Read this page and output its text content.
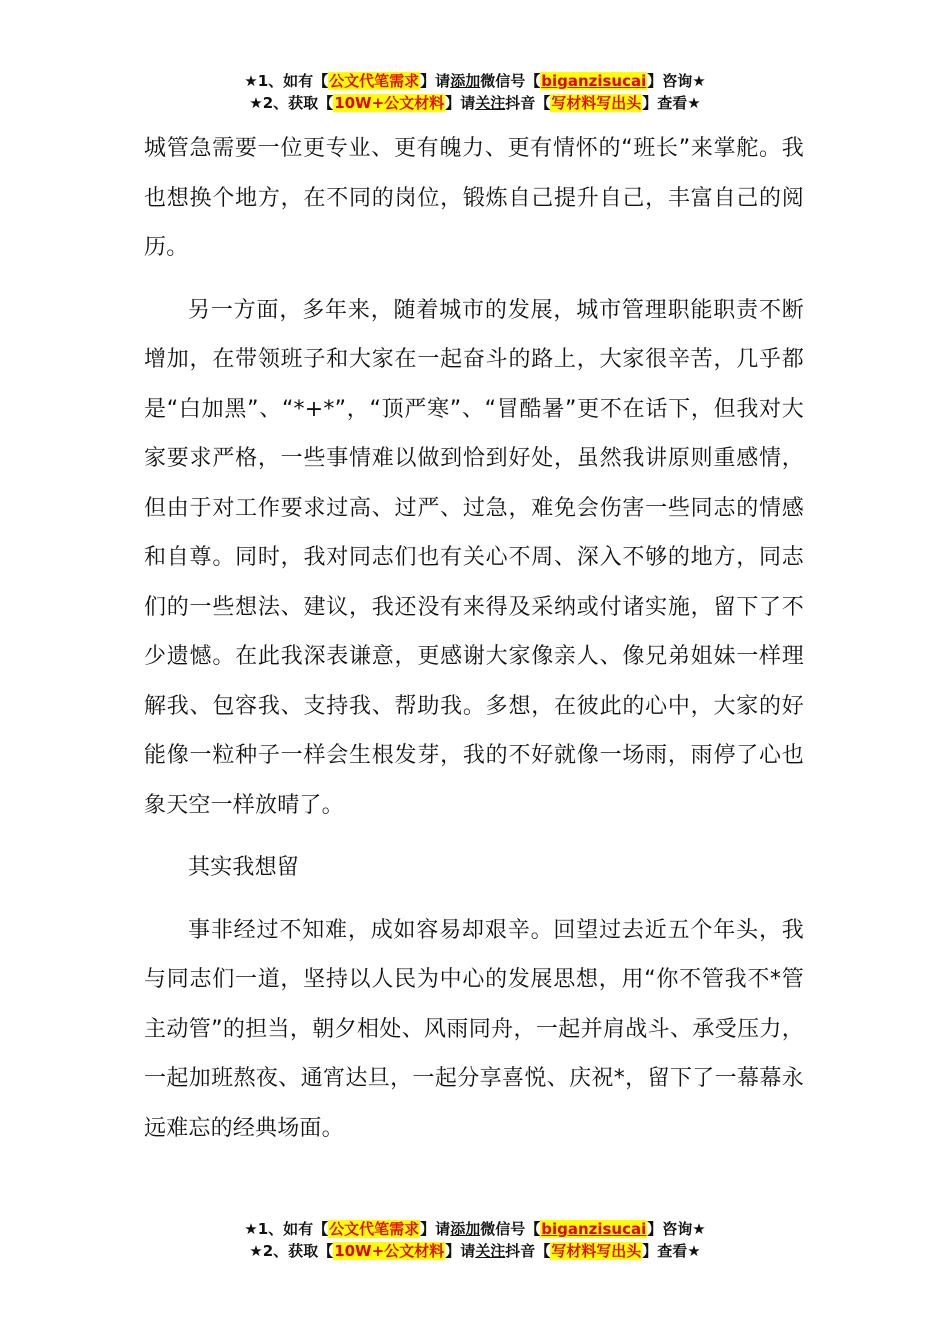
★1、如有【公文代笔需求】请添加微信号【biganzisucai】咨询★
★2、获取【10W+公文材料】请关注抖音【写材料写出头】查看★

城管急需要一位更专业、更有魄力、更有情怀的“班长”来掌舵。我也想换个地方，在不同的岗位，锻炼自己提升自己，丰富自己的阅历。

另一方面，多年来，随着城市的发展，城市管理职能职责不断增加，在带领班子和大家在一起奋斗的路上，大家很辛苦，几乎都是“白加黑”、“*+*”，“顶严寒”、“冒酷暑”更不在话下，但我对大家要求严格，一些事情难以做到恰到好处，虽然我讲原则重感情，但由于对工作要求过高、过严、过急，难免会伤害一些同志的情感和自尊。同时，我对同志们也有关心不周、深入不够的地方，同志们的一些想法、建议，我还没有来得及采纳或付诸实施，留下了不少遗憾。在此我深表谦意，更感谢大家像亲人、像兄弟姐妹一样理解我、包容我、支持我、帮助我。多想，在彼此的心中，大家的好能像一粒种子一样会生根发芽，我的不好就像一场雨，雨停了心也象天空一样放晴了。

其实我想留

事非经过不知难，成如容易却艰辛。回望过去近五个年头，我与同志们一道，坚持以人民为中心的发展思想，用“你不管我不*管主动管”的担当，朝夕相处、风雨同舟，一起并肩战斗、承受压力，一起加班熬夜、通宵达旦，一起分享喜悦、庆祝*，留下了一幕幕永远难忘的经典场面。

★1、如有【公文代笔需求】请添加微信号【biganzisucai】咨询★
★2、获取【10W+公文材料】请关注抖音【写材料写出头】查看★
